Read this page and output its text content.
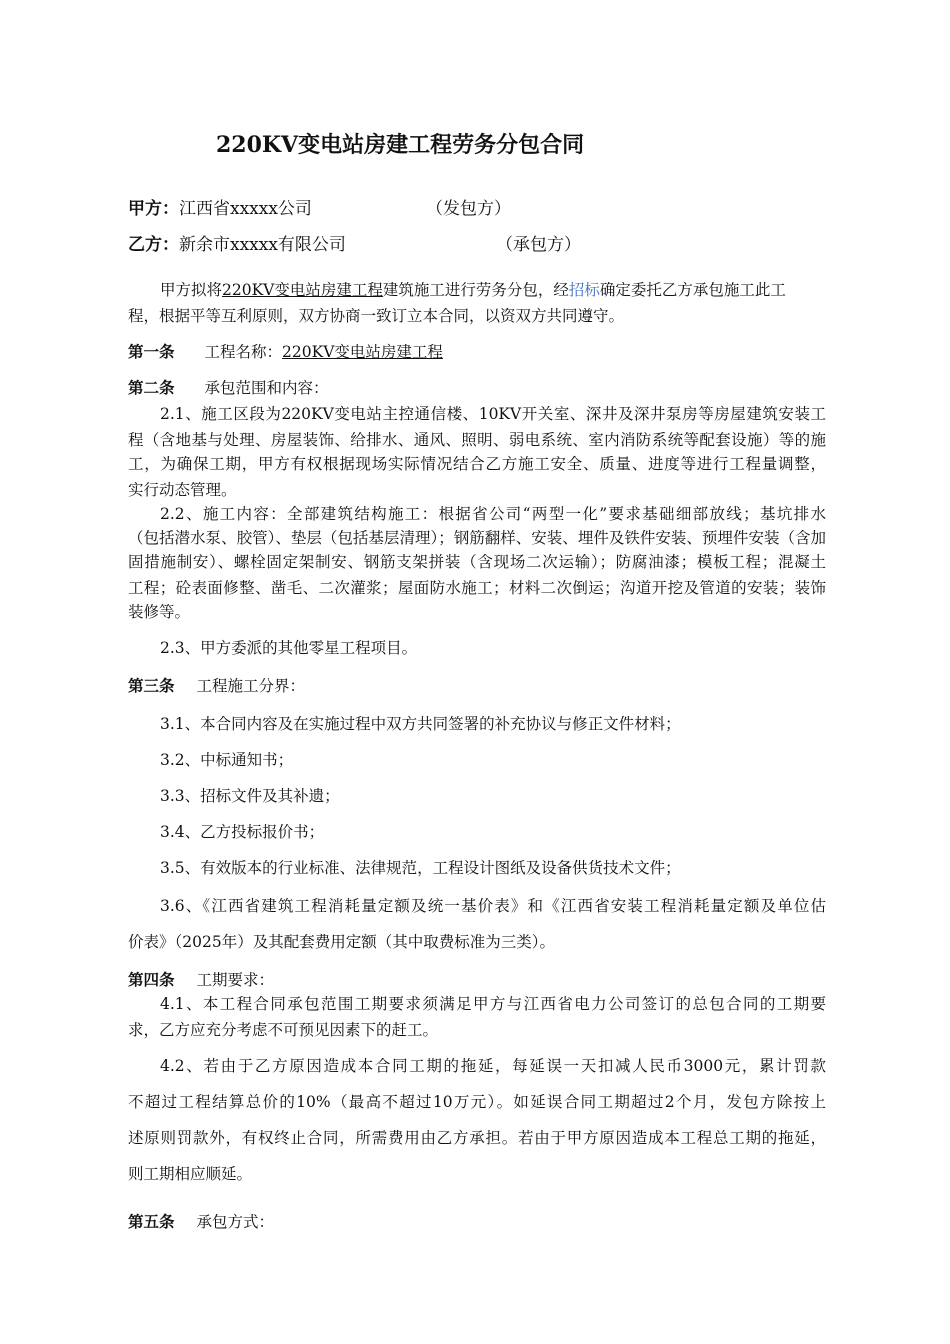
220KV变电站房建工程劳务分包合同
甲方：江西省xxxxx公司	（发包方）
乙方：新余市xxxxx有限公司	（承包方）
甲方拟将220KV变电站房建工程建筑施工进行劳务分包，经招标确定委托乙方承包施工此工
程，根据平等互利原则，双方协商一致订立本合同，以资双方共同遵守。
第一条 工程名称：220KV变电站房建工程
第二条 承包范围和内容：
2.1、施工区段为220KV变电站主控通信楼、10KV开关室、深井及深井泵房等房屋建筑安装工
程（含地基与处理、房屋装饰、给排水、通风、照明、弱电系统、室内消防系统等配套设施）等的施
工，为确保工期，甲方有权根据现场实际情况结合乙方施工安全、质量、进度等进行工程量调整，
实行动态管理。
2.2、施工内容：全部建筑结构施工：根据省公司“两型一化”要求基础细部放线；基坑排水
（包括潜水泵、胶管）、垫层（包括基层清理）；钢筋翻样、安装、埋件及铁件安装、预埋件安装（含加
固措施制安）、螺栓固定架制安、钢筋支架拼装（含现场二次运输）；防腐油漆；模板工程；混凝土
工程；砼表面修整、凿毛、二次灌浆；屋面防水施工；材料二次倒运；沟道开挖及管道的安装；装饰
装修等。
2.3、甲方委派的其他零星工程项目。
第三条 工程施工分界：
3.1、本合同内容及在实施过程中双方共同签署的补充协议与修正文件材料；
3.2、中标通知书；
3.3、招标文件及其补遗；
3.4、乙方投标报价书；
3.5、有效版本的行业标准、法律规范，工程设计图纸及设备供货技术文件；
3.6、《江西省建筑工程消耗量定额及统一基价表》和《江西省安装工程消耗量定额及单位估
价表》（2025年）及其配套费用定额（其中取费标准为三类）。
第四条 工期要求：
4.1、本工程合同承包范围工期要求须满足甲方与江西省电力公司签订的总包合同的工期要
求，乙方应充分考虑不可预见因素下的赶工。
4.2、若由于乙方原因造成本合同工期的拖延，每延误一天扣减人民币3000元，累计罚款
不超过工程结算总价的10%（最高不超过10万元）。如延误合同工期超过2个月，发包方除按上
述原则罚款外，有权终止合同，所需费用由乙方承担。若由于甲方原因造成本工程总工期的拖延，
则工期相应顺延。
第五条 承包方式：
